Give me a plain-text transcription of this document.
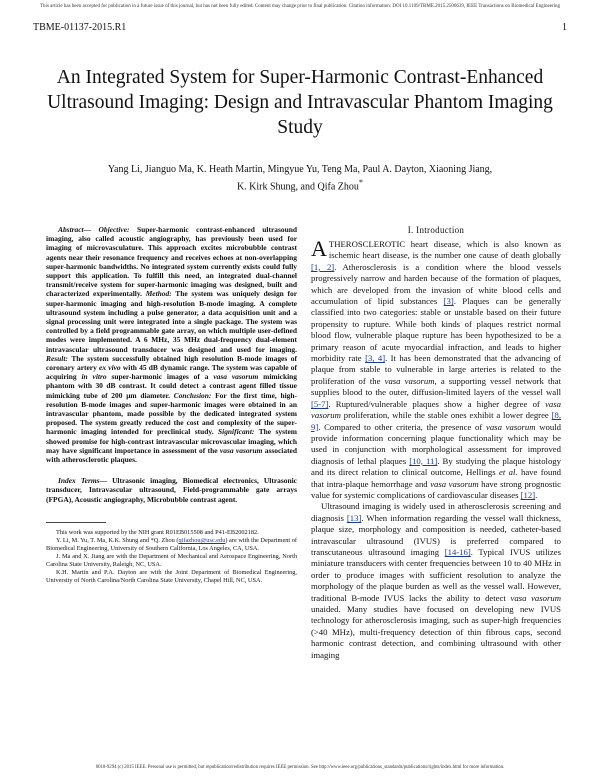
This article has been accepted for publication in a future issue of this journal, but has not been fully edited. Content may change prior to final publication. Citation information: DOI 10.1109/TBME.2015.2506639, IEEE Transactions on Biomedical Engineering
TBME-01137-2015.R1	1
An Integrated System for Super-Harmonic Contrast-Enhanced Ultrasound Imaging: Design and Intravascular Phantom Imaging Study
Yang Li, Jianguo Ma, K. Heath Martin, Mingyue Yu, Teng Ma, Paul A. Dayton, Xiaoning Jiang,
K. Kirk Shung, and Qifa Zhou*

Abstract— Objective: Super-harmonic contrast-enhanced ultrasound imaging, also called acoustic angiography, has previously been used for imaging of microvasculature. This approach excites microbubble contrast agents near their resonance frequency and receives echoes at non-overlapping super-harmonic bandwidths. No integrated system currently exists could fully support this application. To fulfill this need, an integrated dual-channel transmit/receive system for super-harmonic imaging was designed, built and characterized experimentally. Method: The system was uniquely design for super-harmonic imaging and high-resolution B-mode imaging. A complete ultrasound system including a pulse generator, a data acquisition unit and a signal processing unit were integrated into a single package. The system was controlled by a field programmable gate array, on which multiple user-defined modes were implemented. A 6 MHz, 35 MHz dual-frequency dual-element intravascular ultrasound transducer was designed and used for imaging. Result: The system successfully obtained high resolution B-mode images of coronary artery ex vivo with 45 dB dynamic range. The system was capable of acquiring in vitro super-harmonic images of a vasa vasorum mimicking phantom with 30 dB contrast. It could detect a contrast agent filled tissue mimicking tube of 200 μm diameter. Conclusion: For the first time, high-resolution B-mode images and super-harmonic images were obtained in an intravascular phantom, made possible by the dedicated integrated system proposed. The system greatly reduced the cost and complexity of the super-harmonic imaging intended for preclinical study. Significant: The system showed promise for high-contrast intravascular microvascular imaging, which may have significant importance in assessment of the vasa vasorum associated with atherosclerotic plaques.

Index Terms— Ultrasonic imaging, Biomedical electronics, Ultrasonic transducer, Intravascular ultrasound, Field-programmable gate arrays (FPGA), Acoustic angiography, Microbubble contrast agent.

This work was supported by the NIH grant R01EB015508 and P41-EB2002182.

Y. Li, M. Yu, T. Ma, K.K. Shung and *Q. Zhou (qifazhou@usc.edu) are with the Department of Biomedical Engineering, University of Southern California, Los Angeles, CA, USA.

J. Ma and X. Jiang are with the Department of Mechanical and Aerospace Engineering, North Carolina State University, Raleigh, NC, USA.

K.H. Martin and P.A. Dayton are with the Joint Department of Biomedical Engineering, University of North Carolina/North Carolina State University, Chapel Hill, NC, USA.

I. Introduction

ATHEROSCLEROTIC heart disease, which is also known as ischemic heart disease, is the number one cause of death globally [1, 2]. Atherosclerosis is a condition where the blood vessels progressively narrow and harden because of the formation of plaques, which are developed from the invasion of white blood cells and accumulation of lipid substances [3]. Plaques can be generally classified into two categories: stable or unstable based on their future propensity to rupture. While both kinds of plaques restrict normal blood flow, vulnerable plaque rupture has been hypothesized to be a primary reason of acute myocardial infraction, and leads to higher morbidity rate [3, 4]. It has been demonstrated that the advancing of plaque from stable to vulnerable in large arteries is related to the proliferation of the vasa vasorum, a supporting vessel network that supplies blood to the outer, diffusion-limited layers of the vessel wall [5-7]. Ruptured/vulnerable plaques show a higher degree of vasa vasorum proliferation, while the stable ones exhibit a lower degree [8, 9]. Compared to other criteria, the presence of vasa vasorum would provide information concerning plaque functionality which may be used in conjunction with morphological assessment for improved diagnosis of lethal plaques [10, 11]. By studying the plaque histology and its direct relation to clinical outcome, Hellings et al. have found that intra-plaque hemorrhage and vasa vasorum have strong prognostic value for systemic complications of cardiovascular diseases [12].

Ultrasound imaging is widely used in atherosclerosis screening and diagnosis [13]. When information regarding the vessel wall thickness, plaque size, morphology and composition is needed, catheter-based intravascular ultrasound (IVUS) is preferred compared to transcutaneous ultrasound imaging [14-16]. Typical IVUS utilizes miniature transducers with center frequencies between 10 to 40 MHz in order to produce images with sufficient resolution to analyze the morphology of the plaque burden as well as the vessel wall. However, traditional B-mode IVUS lacks the ability to detect vasa vasorum unaided. Many studies have focused on developing new IVUS technology for atherosclerosis imaging, such as super-high frequencies (>40 MHz), multi-frequency detection of thin fibrous caps, second harmonic contrast detection, and combining ultrasound with other imaging

0018-9294 (c) 2015 IEEE. Personal use is permitted, but republication/redistribution requires IEEE permission. See http://www.ieee.org/publications_standards/publications/rights/index.html for more information.
